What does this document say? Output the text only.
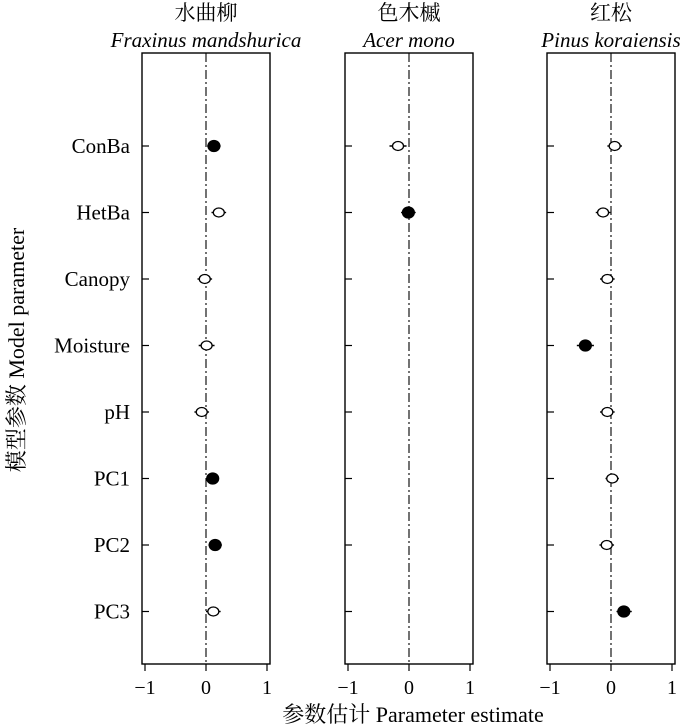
模型参数 Model parameter
参数估计 Parameter estimate
ConBa
HetBa
Canopy
Moisture
pH
PC1
PC2
PC3
水曲柳
Fraxinus mandshurica
−1 0	1
色木槭
Acer mono
−1 0	1
红松
Pinus koraiensis
−1 0	1
